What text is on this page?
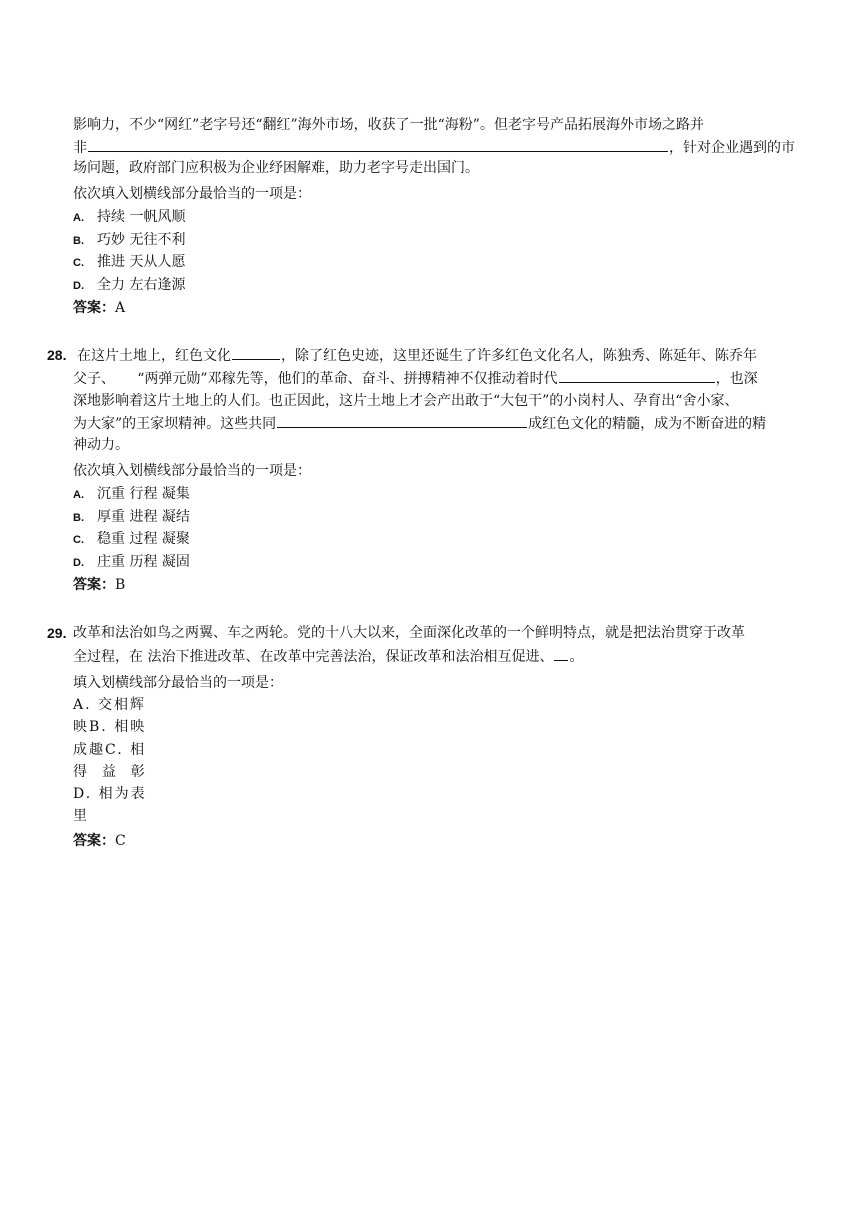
影响力，不少“网红”老字号还“翻红”海外市场，收获了一批“海粉”。但老字号产品拓展海外市场之路并
非	，针对企业遇到的市
场问题，政府部门应积极为企业纾困解难，助力老字号走出国门。
依次填入划横线部分最恰当的一项是：
A. 持续 一帆风顺
B. 巧妙 无往不利
C. 推进 天从人愿
D. 全力 左右逢源
答案：A
28. 在这片土地上，红色文化	，除了红色史迹，这里还诞生了许多红色文化名人，陈独秀、陈延年、陈乔年
父子、     “两弹元勋”邓稼先等，他们的革命、奋斗、拼搏精神不仅推动着时代	，也深
深地影响着这片土地上的人们。也正因此，这片土地上才会产出敢于“大包干”的小岗村人、孕育出“舍小家、
为大家”的王家坝精神。这些共同	成红色文化的精髓，成为不断奋进的精
神动力。
依次填入划横线部分最恰当的一项是：
A. 沉重 行程 凝集
B. 厚重 进程 凝结
C. 稳重 过程 凝聚
D. 庄重 历程 凝固
答案：B
29. 改革和法治如鸟之两翼、车之两轮。党的十八大以来，全面深化改革的一个鲜明特点，就是把法治贯穿于改革
全过程，在 法治下推进改革、在改革中完善法治，保证改革和法治相互促进、 。
填入划横线部分最恰当的一项是：
A. 交相辉
映B. 相映
成趣C. 相
得  益  彰
D. 相为表
里
答案：C
